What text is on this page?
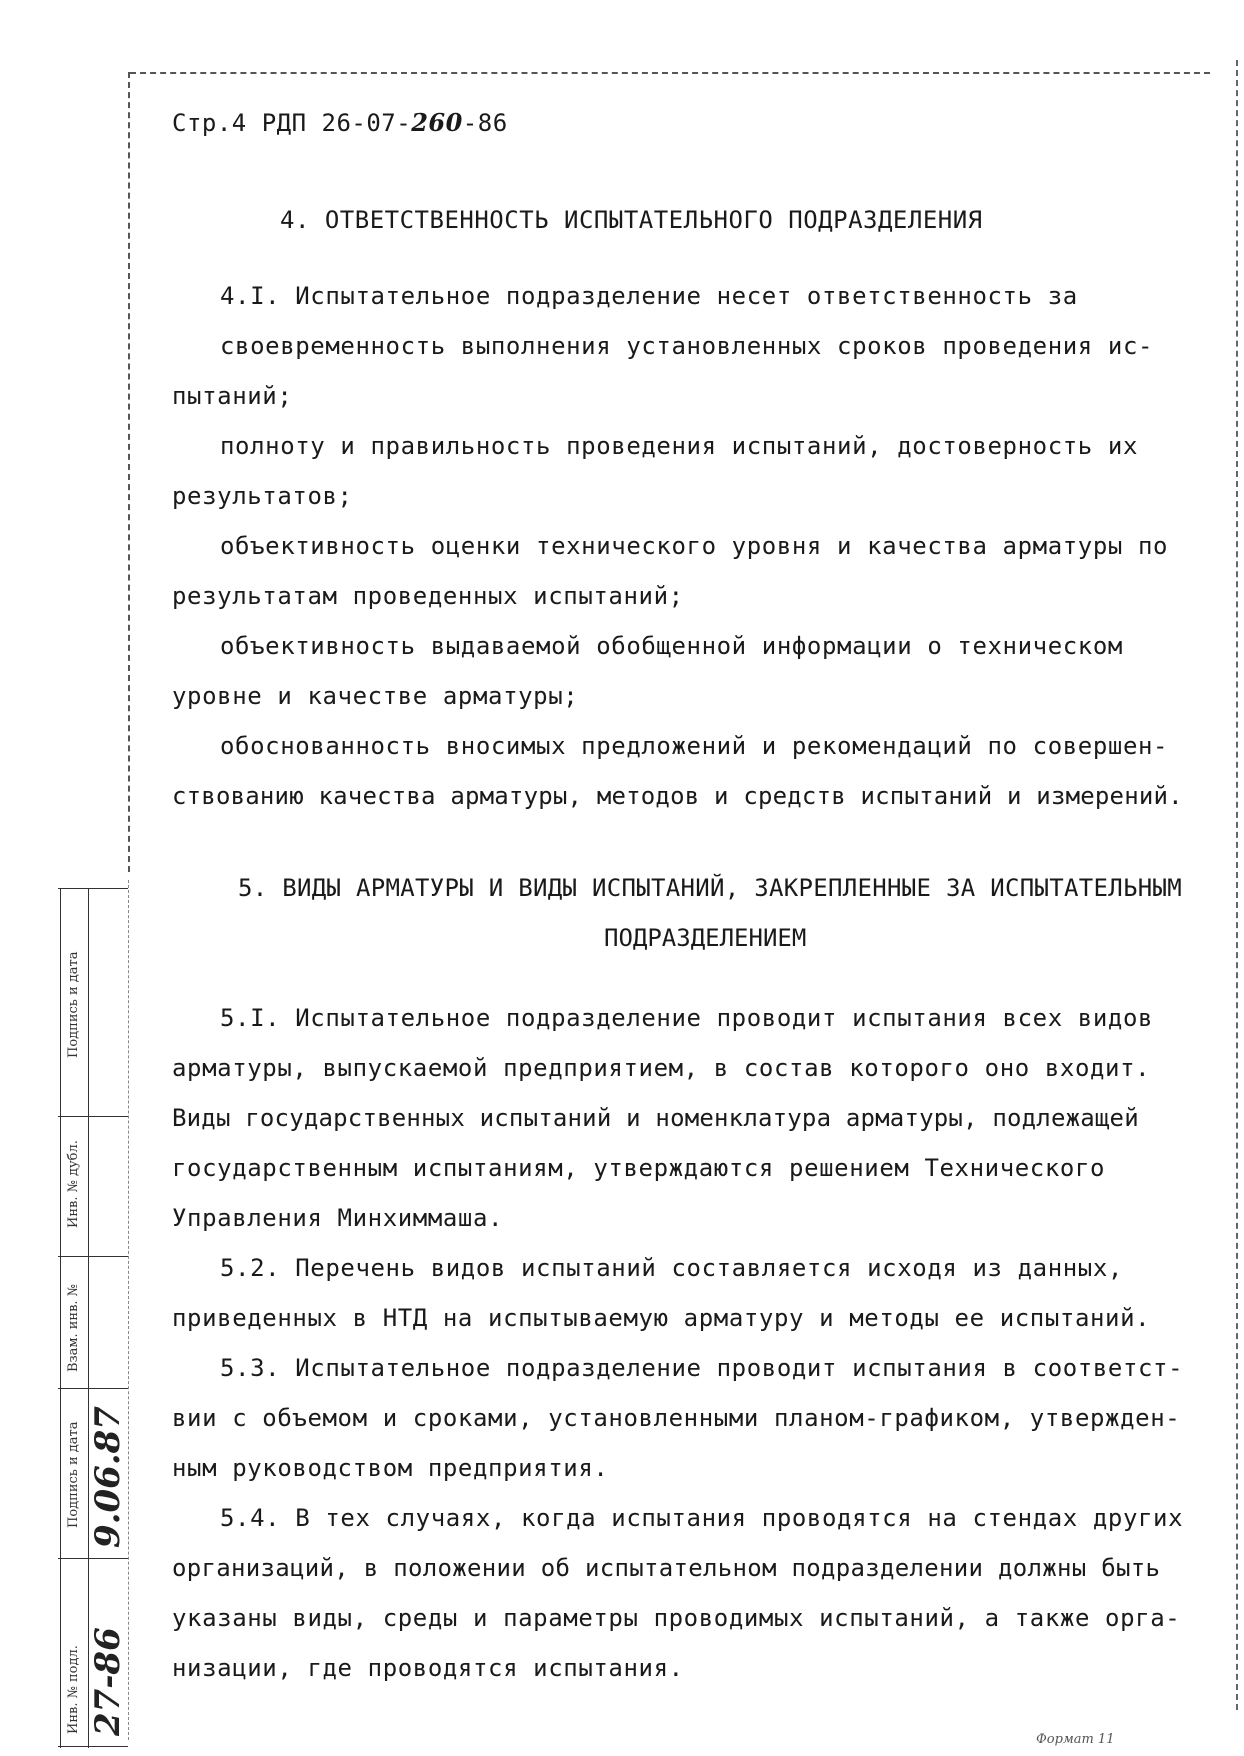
Стр.4 РДП 26-07-260-86
4. ОТВЕТСТВЕННОСТЬ ИСПЫТАТЕЛЬНОГО ПОДРАЗДЕЛЕНИЯ
4.I. Испытательное подразделение несет ответственность за
своевременность выполнения установленных сроков проведения ис-
пытаний;
полноту и правильность проведения испытаний, достоверность их
результатов;
объективность оценки технического уровня и качества арматуры по
результатам проведенных испытаний;
объективность выдаваемой обобщенной информации о техническом
уровне и качестве арматуры;
обоснованность вносимых предложений и рекомендаций по совершен-
ствованию качества арматуры, методов и средств испытаний и измерений.
5. ВИДЫ АРМАТУРЫ И ВИДЫ ИСПЫТАНИЙ, ЗАКРЕПЛЕННЫЕ ЗА ИСПЫТАТЕЛЬНЫМ
ПОДРАЗДЕЛЕНИЕМ
5.I. Испытательное подразделение проводит испытания всех видов
арматуры, выпускаемой предприятием, в состав которого оно входит.
Виды государственных испытаний и номенклатура арматуры, подлежащей
государственным испытаниям, утверждаются решением Технического
Управления Минхиммаша.
5.2. Перечень видов испытаний составляется исходя из данных,
приведенных в НТД на испытываемую арматуру и методы ее испытаний.
5.3. Испытательное подразделение проводит испытания в соответст-
вии с объемом и сроками, установленными планом-графиком, утвержден-
ным руководством предприятия.
5.4. В тех случаях, когда испытания проводятся на стендах других
организаций, в положении об испытательном подразделении должны быть
указаны виды, среды и параметры проводимых испытаний, а также орга-
низации, где проводятся испытания.
Подпись и дата
Инв. № дубл.
Взам. инв. №
Подпись и дата
Инв. № подл.
9.06.87
27-86
Формат 11
